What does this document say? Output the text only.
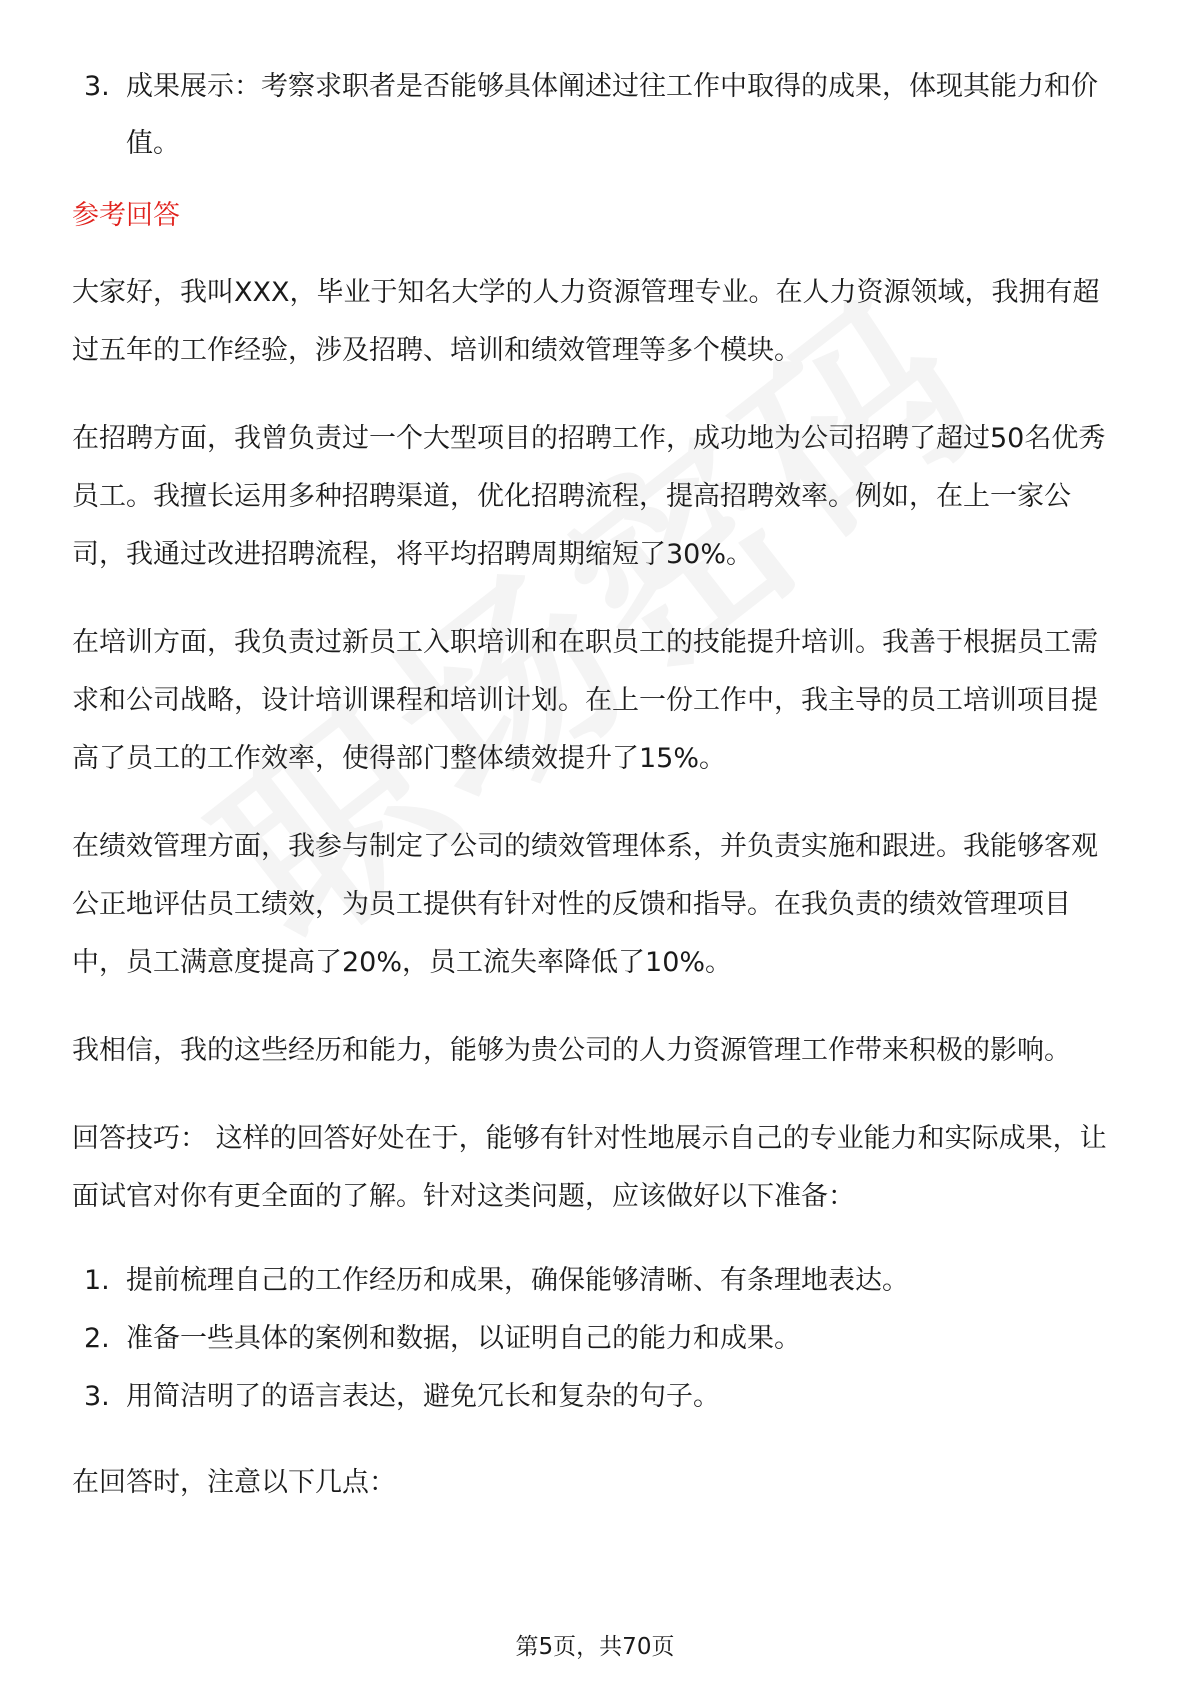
3. 成果展示：考察求职者是否能够具体阐述过往工作中取得的成果，体现其能力和价值。
参考回答

大家好，我叫XXX，毕业于知名大学的人力资源管理专业。在人力资源领域，我拥有超过五年的工作经验，涉及招聘、培训和绩效管理等多个模块。

在招聘方面，我曾负责过一个大型项目的招聘工作，成功地为公司招聘了超过50名优秀员工。我擅长运用多种招聘渠道，优化招聘流程，提高招聘效率。例如，在上一家公司，我通过改进招聘流程，将平均招聘周期缩短了30%。

在培训方面，我负责过新员工入职培训和在职员工的技能提升培训。我善于根据员工需求和公司战略，设计培训课程和培训计划。在上一份工作中，我主导的员工培训项目提高了员工的工作效率，使得部门整体绩效提升了15%。

在绩效管理方面，我参与制定了公司的绩效管理体系，并负责实施和跟进。我能够客观公正地评估员工绩效，为员工提供有针对性的反馈和指导。在我负责的绩效管理项目中，员工满意度提高了20%，员工流失率降低了10%。

我相信，我的这些经历和能力，能够为贵公司的人力资源管理工作带来积极的影响。

回答技巧： 这样的回答好处在于，能够有针对性地展示自己的专业能力和实际成果，让面试官对你有更全面的了解。针对这类问题，应该做好以下准备：

1. 提前梳理自己的工作经历和成果，确保能够清晰、有条理地表达。
2. 准备一些具体的案例和数据，以证明自己的能力和成果。
3. 用简洁明了的语言表达，避免冗长和复杂的句子。

在回答时，注意以下几点：

第5页，共70页
